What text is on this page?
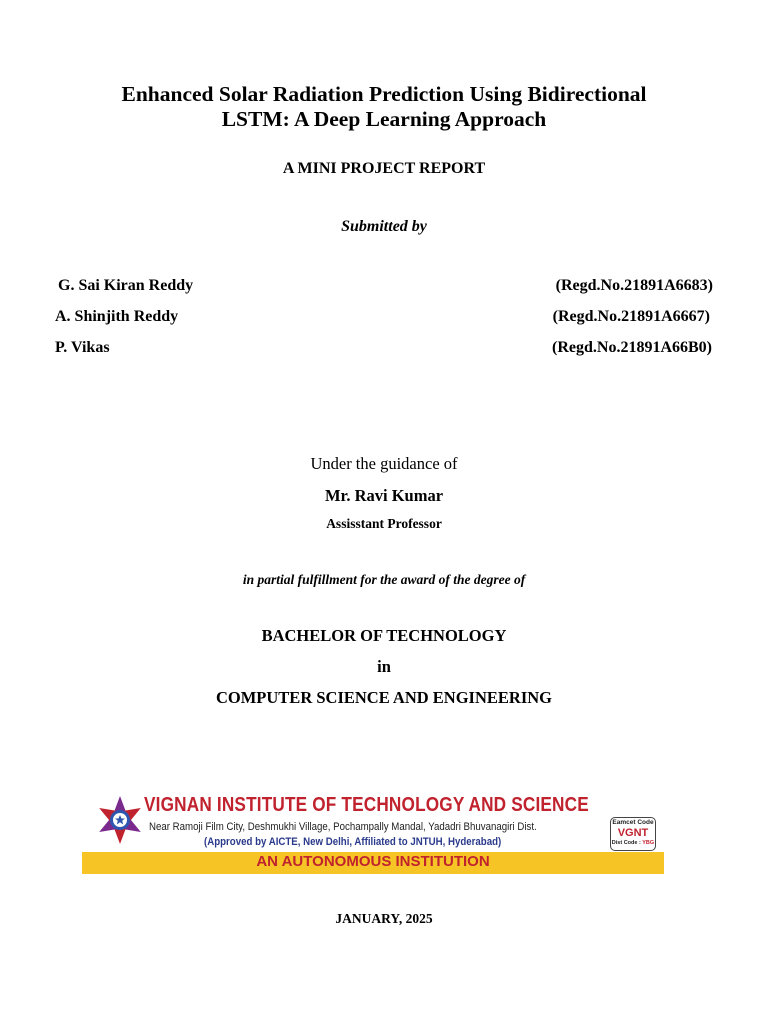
Enhanced Solar Radiation Prediction Using Bidirectional
LSTM: A Deep Learning Approach
A MINI PROJECT REPORT
Submitted by
G. Sai Kiran Reddy	(Regd.No.21891A6683)
A. Shinjith Reddy	(Regd.No.21891A6667)
P. Vikas	(Regd.No.21891A66B0)
Under the guidance of
Mr. Ravi Kumar
Assisstant Professor
in partial fulfillment for the award of the degree of
BACHELOR OF TECHNOLOGY
in
COMPUTER SCIENCE AND ENGINEERING
VIGNAN INSTITUTE OF TECHNOLOGY AND SCIENCE
Near Ramoji Film City, Deshmukhi Village, Pochampally Mandal, Yadadri Bhuvanagiri Dist.
(Approved by AICTE, New Delhi, Affiliated to JNTUH, Hyderabad)
Eamcet Code
VGNT
Dist Code : YBG
AN AUTONOMOUS INSTITUTION
JANUARY, 2025
